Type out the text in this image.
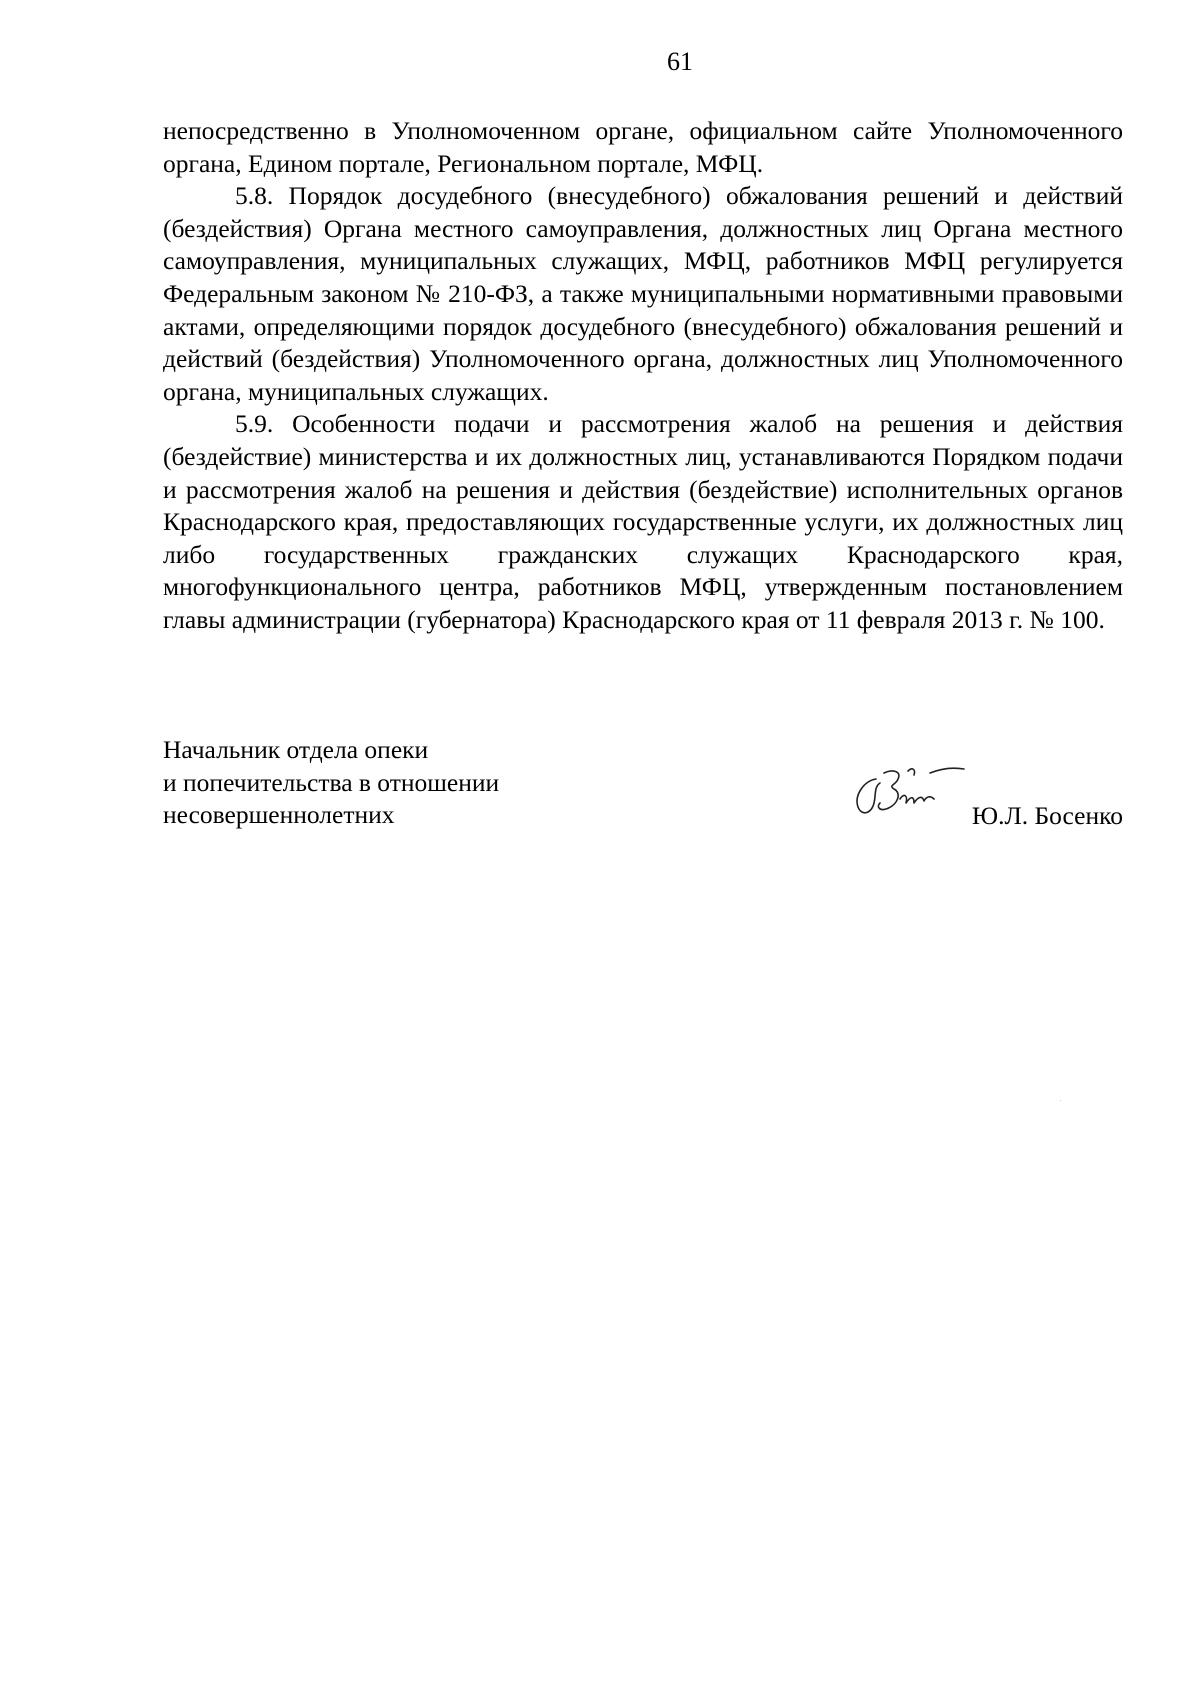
61

непосредственно в Уполномоченном органе, официальном сайте Уполномоченного органа, Едином портале, Региональном портале, МФЦ.

5.8. Порядок досудебного (внесудебного) обжалования решений и действий (бездействия) Органа местного самоуправления, должностных лиц Органа местного самоуправления, муниципальных служащих, МФЦ, работников МФЦ регулируется Федеральным законом № 210-ФЗ, а также муниципальными нормативными правовыми актами, определяющими порядок досудебного (внесудебного) обжалования решений и действий (бездействия) Уполномоченного органа, должностных лиц Уполномоченного органа, муниципальных служащих.

5.9. Особенности подачи и рассмотрения жалоб на решения и действия (бездействие) министерства и их должностных лиц, устанавливаются Порядком подачи и рассмотрения жалоб на решения и действия (бездействие) исполнительных органов Краснодарского края, предоставляющих государственные услуги, их должностных лиц либо государственных гражданских служащих Краснодарского края, многофункционального центра, работников МФЦ, утвержденным постановлением главы администрации (губернатора) Краснодарского края от 11 февраля 2013 г. № 100.

Начальник отдела опеки
и попечительства в отношении
несовершеннолетних	Ю.Л. Босенко
